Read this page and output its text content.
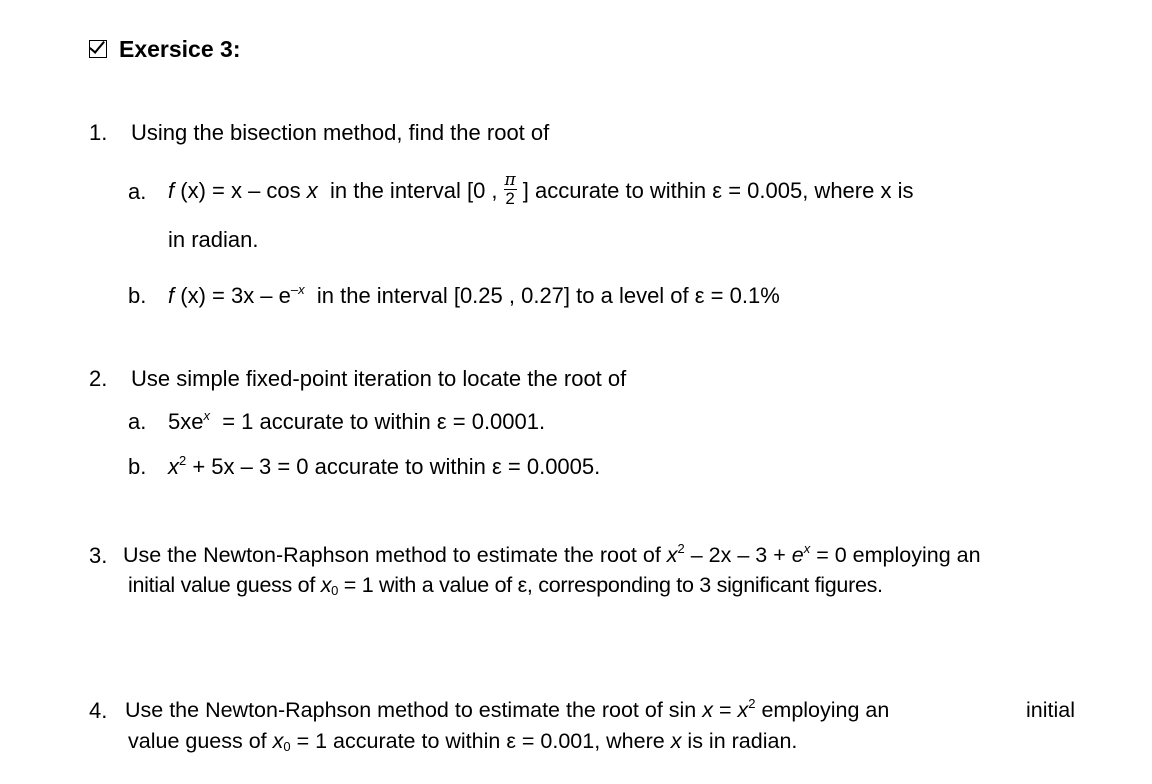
Exersice 3:
1. Using the bisection method, find the root of
a. f (x) = x – cos x in the interval [0 , $\frac{\pi}{2}$ ] accurate to within ε = 0.005, where x is
in radian.
b. f $(x) = 3x - e^{-x}$  in the interval [0.25 , 0.27] to a level of ε = 0.1%
2. Use simple fixed-point iteration to locate the root of
a. $5xe^x = 1$ accurate to within ε = 0.0001.
b. $x^2 + 5x - 3 = 0$ accurate to within ε = 0.0005.
3. Use the Newton-Raphson method to estimate the root of $x^2 - 2x - 3 + e^x = 0$ employing an
initial value guess of $x_0 = 1$ with a value of ε, corresponding to 3 significant figures.
4. Use the Newton-Raphson method to estimate the root of $\sin x = x^2$ employing an	initial
value guess of $x_0 = 1$ accurate to within ε = 0.001, where x is in radian.
